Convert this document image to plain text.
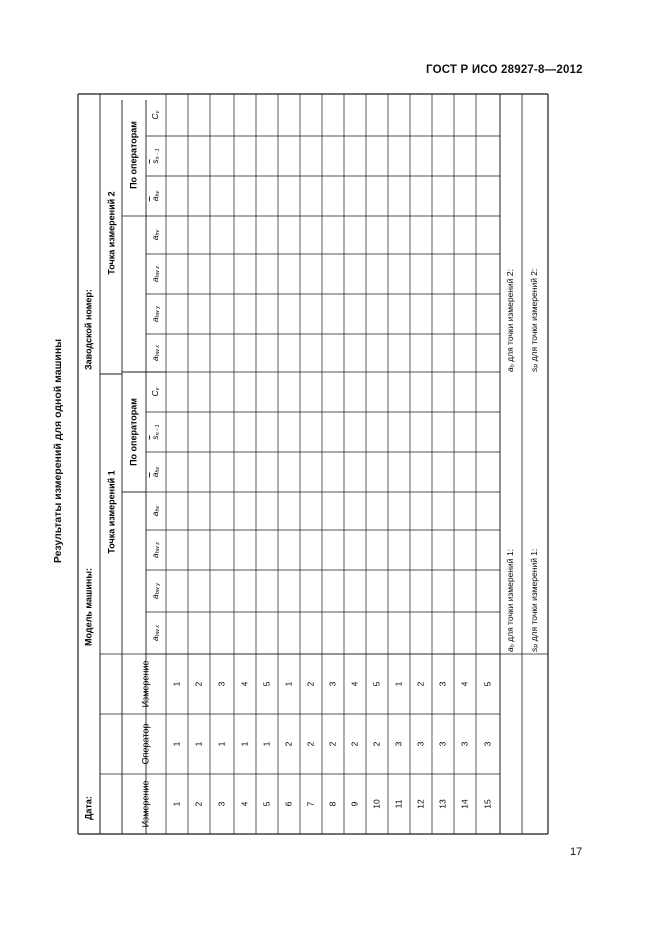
ГОСТ Р ИСО 28927-8—2012
Результаты измерений для одной машины
Дата:
Модель машины:
Заводской номер:
Точка измерений 1
Точка измерений 2
По операторам
По операторам
Измерение
Оператор
Измерение
$a_{hw x}$
$a_{hw y}$
$a_{hw z}$
$a_{hv}$
$a_{hv}$
$s_{n - 1}$
$C_v$
$a_{hw x}$
$a_{hw y}$
$a_{hw z}$
$a_{hv}$
$a_{hv}$
$s_{n - 1}$
$C_v$
1
1
1
2
1
2
3
1
3
4
1
4
5
1
5
6
2
1
7
2
2
8
2
3
9
2
4
10
2
5
11
3
1
12
3
2
13
3
3
14
3
4
15
3
5
$a_h$ для точки измерений 1:
$s_R$ для точки измерений 1:
$a_h$ для точки измерений 2:
$s_R$ для точки измерений 2:
17
